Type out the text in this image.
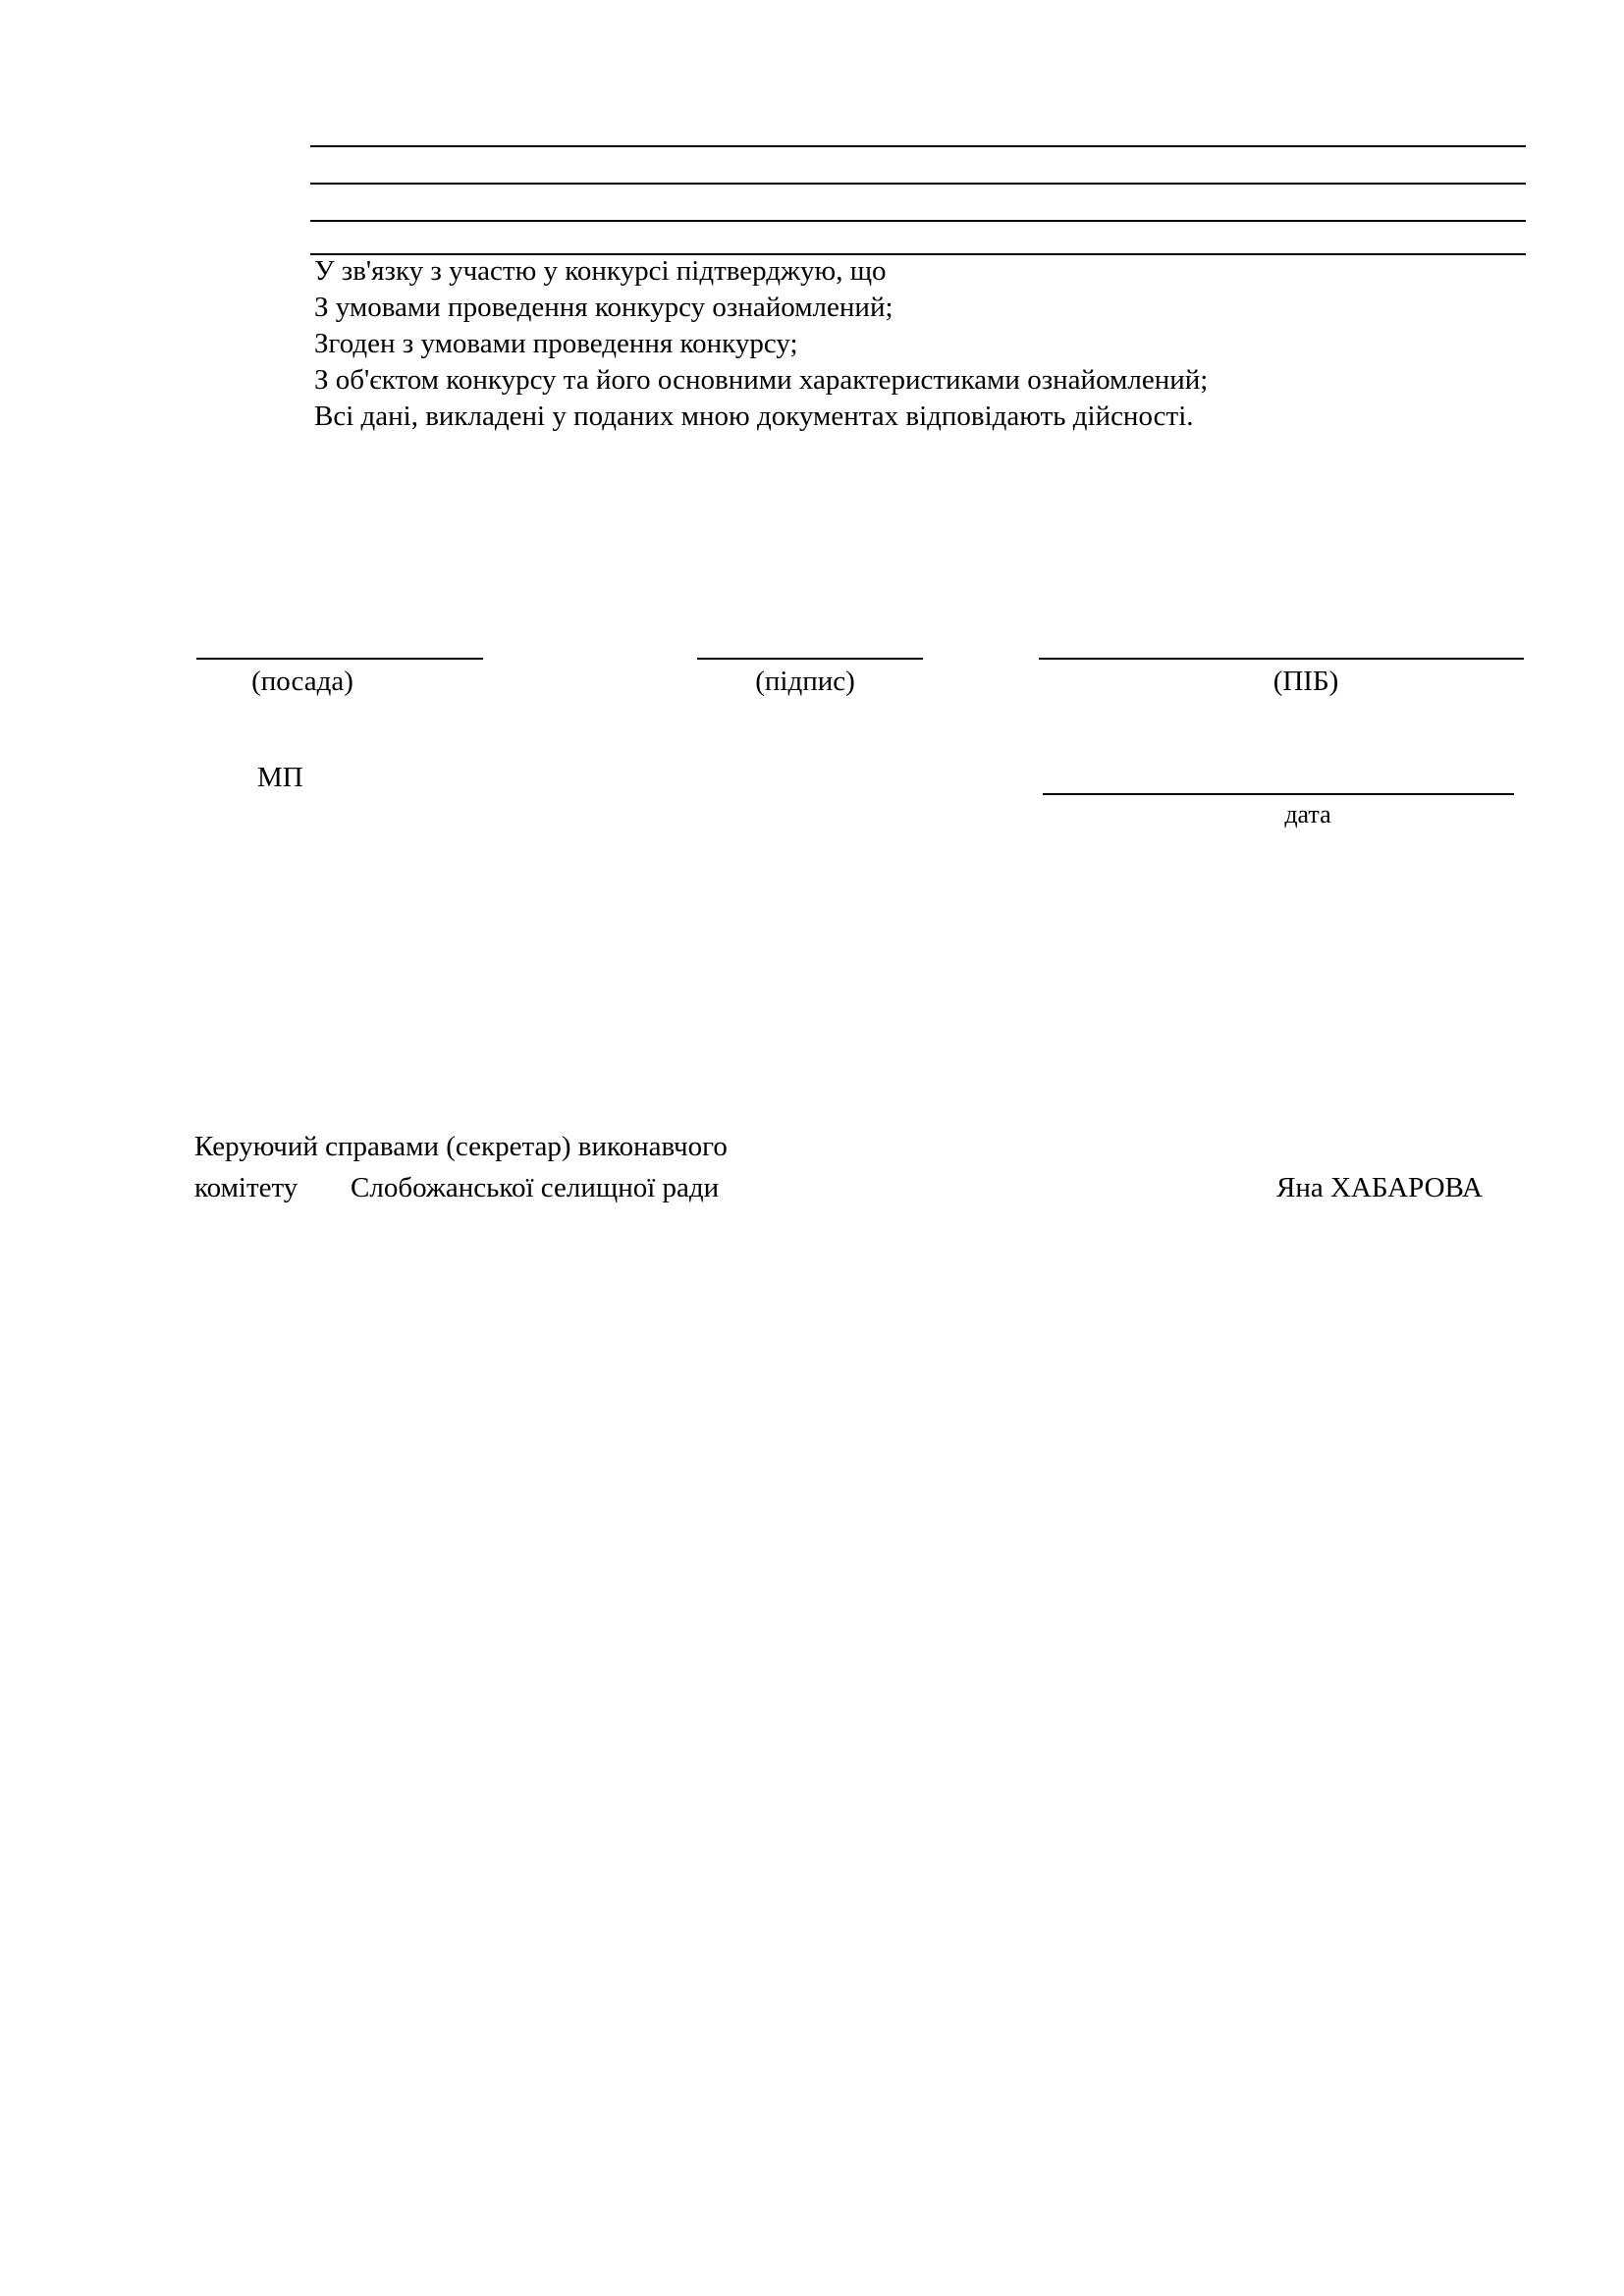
У зв'язку з участю у конкурсі підтверджую, що

З умовами проведення конкурсу ознайомлений;

Згоден з умовами проведення конкурсу;

З об'єктом конкурсу та його основними характеристиками ознайомлений;

Всі дані, викладені у поданих мною документах відповідають дійсності.

(посада)	(підпис)	(ПІБ)
МП
дата
Керуючий справами (секретар) виконавчого
комітету Слобожанської селищної ради	Яна ХАБАРОВА
